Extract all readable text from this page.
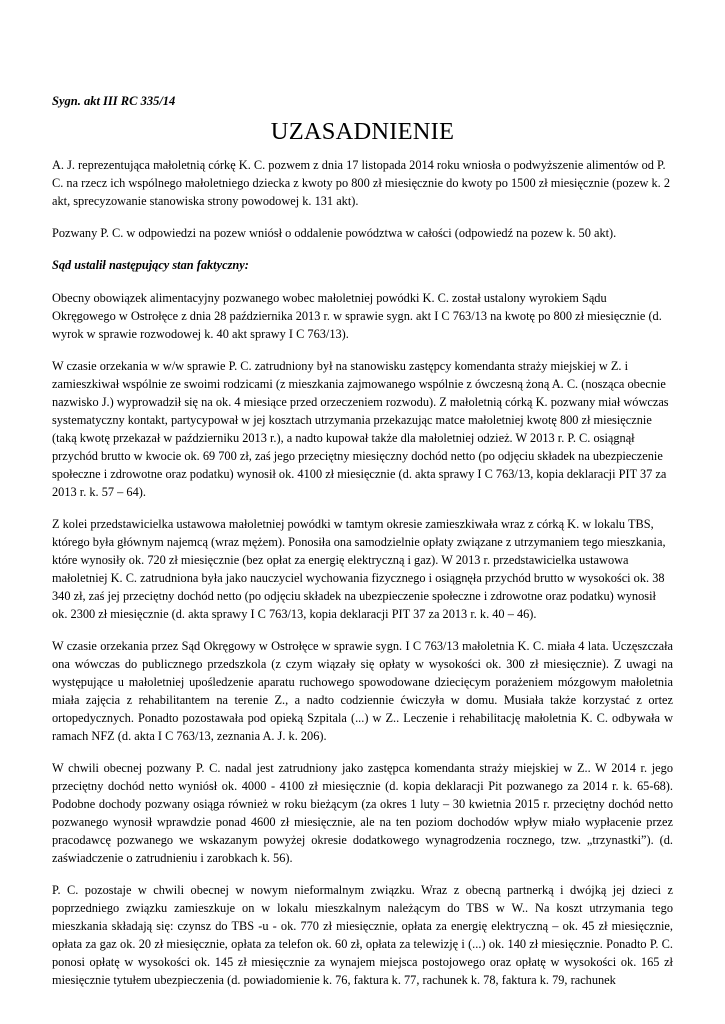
Sygn. akt III RC 335/14
UZASADNIENIE
A. J. reprezentująca małoletnią córkę K. C. pozwem z dnia 17 listopada 2014 roku wniosła o podwyższenie alimentów od P. C. na rzecz ich wspólnego małoletniego dziecka z kwoty po 800 zł miesięcznie do kwoty po 1500 zł miesięcznie (pozew k. 2 akt, sprecyzowanie stanowiska strony powodowej k. 131 akt).
Pozwany P. C. w odpowiedzi na pozew wniósł o oddalenie powództwa w całości (odpowiedź na pozew k. 50 akt).
Sąd ustalił następujący stan faktyczny:
Obecny obowiązek alimentacyjny pozwanego wobec małoletniej powódki K. C. został ustalony wyrokiem Sądu Okręgowego w Ostrołęce z dnia 28 października 2013 r. w sprawie sygn. akt I C 763/13 na kwotę po 800 zł miesięcznie (d. wyrok w sprawie rozwodowej k. 40 akt sprawy I C 763/13).
W czasie orzekania w w/w sprawie P. C. zatrudniony był na stanowisku zastępcy komendanta straży miejskiej w Z. i zamieszkiwał wspólnie ze swoimi rodzicami (z mieszkania zajmowanego wspólnie z ówczesną żoną A. C. (nosząca obecnie nazwisko J.) wyprowadził się na ok. 4 miesiące przed orzeczeniem rozwodu). Z małoletnią córką K. pozwany miał wówczas systematyczny kontakt, partycypował w jej kosztach utrzymania przekazując matce małoletniej kwotę 800 zł miesięcznie (taką kwotę przekazał w październiku 2013 r.), a nadto kupował także dla małoletniej odzież. W 2013 r. P. C. osiągnął przychód brutto w kwocie ok. 69 700 zł, zaś jego przeciętny miesięczny dochód netto (po odjęciu składek na ubezpieczenie społeczne i zdrowotne oraz podatku) wynosił ok. 4100 zł miesięcznie (d. akta sprawy I C 763/13, kopia deklaracji PIT 37 za 2013 r. k. 57 – 64).
Z kolei przedstawicielka ustawowa małoletniej powódki w tamtym okresie zamieszkiwała wraz z córką K. w lokalu TBS, którego była głównym najemcą (wraz mężem). Ponosiła ona samodzielnie opłaty związane z utrzymaniem tego mieszkania, które wynosiły ok. 720 zł miesięcznie (bez opłat za energię elektryczną i gaz). W 2013 r. przedstawicielka ustawowa małoletniej K. C. zatrudniona była jako nauczyciel wychowania fizycznego i osiągnęła przychód brutto w wysokości ok. 38 340 zł, zaś jej przeciętny dochód netto (po odjęciu składek na ubezpieczenie społeczne i zdrowotne oraz podatku) wynosił ok. 2300 zł miesięcznie (d. akta sprawy I C 763/13, kopia deklaracji PIT 37 za 2013 r. k. 40 – 46).
W czasie orzekania przez Sąd Okręgowy w Ostrołęce w sprawie sygn. I C 763/13 małoletnia K. C. miała 4 lata. Uczęszczała ona wówczas do publicznego przedszkola (z czym wiązały się opłaty w wysokości ok. 300 zł miesięcznie). Z uwagi na występujące u małoletniej upośledzenie aparatu ruchowego spowodowane dziecięcym porażeniem mózgowym małoletnia miała zajęcia z rehabilitantem na terenie Z., a nadto codziennie ćwiczyła w domu. Musiała także korzystać z ortez ortopedycznych. Ponadto pozostawała pod opieką Szpitala (...) w Z.. Leczenie i rehabilitację małoletnia K. C. odbywała w ramach NFZ (d. akta I C 763/13, zeznania A. J. k. 206).
W chwili obecnej pozwany P. C. nadal jest zatrudniony jako zastępca komendanta straży miejskiej w Z.. W 2014 r. jego przeciętny dochód netto wyniósł ok. 4000 - 4100 zł miesięcznie (d. kopia deklaracji Pit pozwanego za 2014 r. k. 65-68). Podobne dochody pozwany osiąga również w roku bieżącym (za okres 1 luty – 30 kwietnia 2015 r. przeciętny dochód netto pozwanego wynosił wprawdzie ponad 4600 zł miesięcznie, ale na ten poziom dochodów wpływ miało wypłacenie przez pracodawcę pozwanego we wskazanym powyżej okresie dodatkowego wynagrodzenia rocznego, tzw. „trzynastki”). (d. zaświadczenie o zatrudnieniu i zarobkach k. 56).
P. C. pozostaje w chwili obecnej w nowym nieformalnym związku. Wraz z obecną partnerką i dwójką jej dzieci z poprzedniego związku zamieszkuje on w lokalu mieszkalnym należącym do TBS w W.. Na koszt utrzymania tego mieszkania składają się: czynsz do TBS -u - ok. 770 zł miesięcznie, opłata za energię elektryczną – ok. 45 zł miesięcznie, opłata za gaz ok. 20 zł miesięcznie, opłata za telefon ok. 60 zł, opłata za telewizję i (...) ok. 140 zł miesięcznie. Ponadto P. C. ponosi opłatę w wysokości ok. 145 zł miesięcznie za wynajem miejsca postojowego oraz opłatę w wysokości ok. 165 zł miesięcznie tytułem ubezpieczenia (d. powiadomienie k. 76, faktura k. 77, rachunek k. 78, faktura k. 79, rachunek
